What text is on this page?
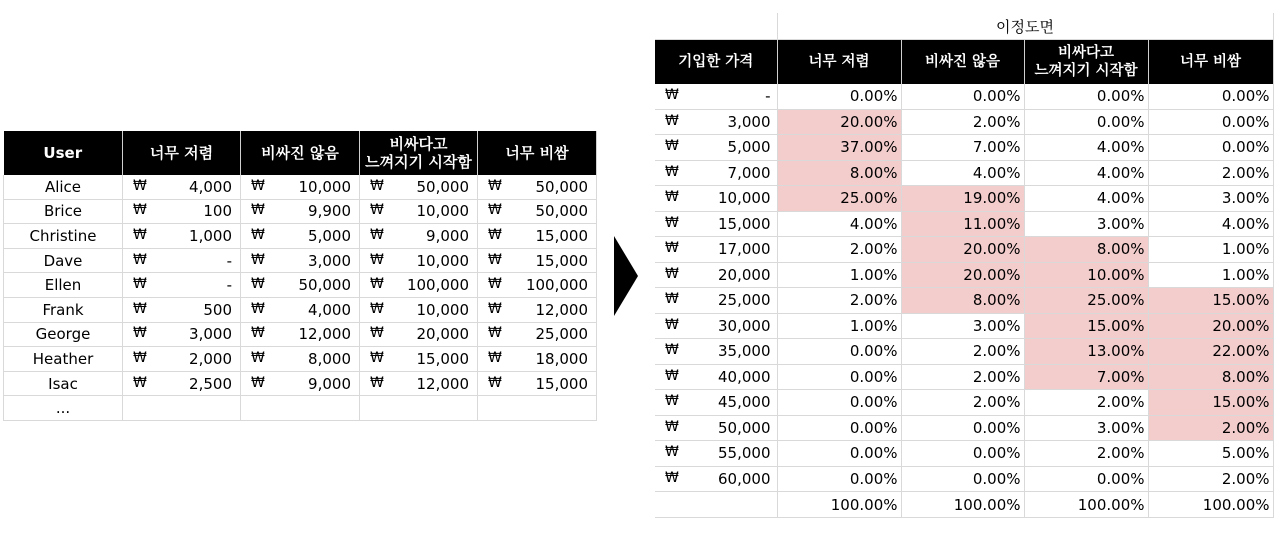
User	너무 저렴	비싸진 않음	비싸다고
느껴지기 시작함	너무 비쌈
Alice	₩ 4,000	₩ 10,000	₩ 50,000	₩ 50,000

Brice	₩ 100	₩ 9,900	₩ 10,000	₩ 50,000

Christine	₩ 1,000	₩ 5,000	₩ 9,000	₩ 15,000

Dave	₩ -	₩ 3,000	₩ 10,000	₩ 15,000

Ellen	₩ -	₩ 50,000	₩ 100,000	₩ 100,000

Frank	₩ 500	₩ 4,000	₩ 10,000	₩ 12,000

George	₩ 3,000	₩ 12,000	₩ 20,000	₩ 25,000

Heather	₩ 2,000	₩ 8,000	₩ 15,000	₩ 18,000

Isac	₩ 2,500	₩ 9,000	₩ 12,000	₩ 15,000

...				
	이정도면			
기입한 가격	너무 저렴	비싸진 않음	비싸다고
느껴지기 시작함	너무 비쌈

₩ -	0.00%	0.00%	0.00%	0.00%

₩ 3,000	20.00%	2.00%	0.00%	0.00%

₩ 5,000	37.00%	7.00%	4.00%	0.00%

₩ 7,000	8.00%	4.00%	4.00%	2.00%

₩ 10,000	25.00%	19.00%	4.00%	3.00%

₩ 15,000	4.00%	11.00%	3.00%	4.00%

₩ 17,000	2.00%	20.00%	8.00%	1.00%

₩ 20,000	1.00%	20.00%	10.00%	1.00%

₩ 25,000	2.00%	8.00%	25.00%	15.00%

₩ 30,000	1.00%	3.00%	15.00%	20.00%

₩ 35,000	0.00%	2.00%	13.00%	22.00%

₩ 40,000	0.00%	2.00%	7.00%	8.00%

₩ 45,000	0.00%	2.00%	2.00%	15.00%

₩ 50,000	0.00%	0.00%	3.00%	2.00%

₩ 55,000	0.00%	0.00%	2.00%	5.00%

₩ 60,000	0.00%	0.00%	0.00%	2.00%
	100.00%	100.00%	100.00%	100.00%
